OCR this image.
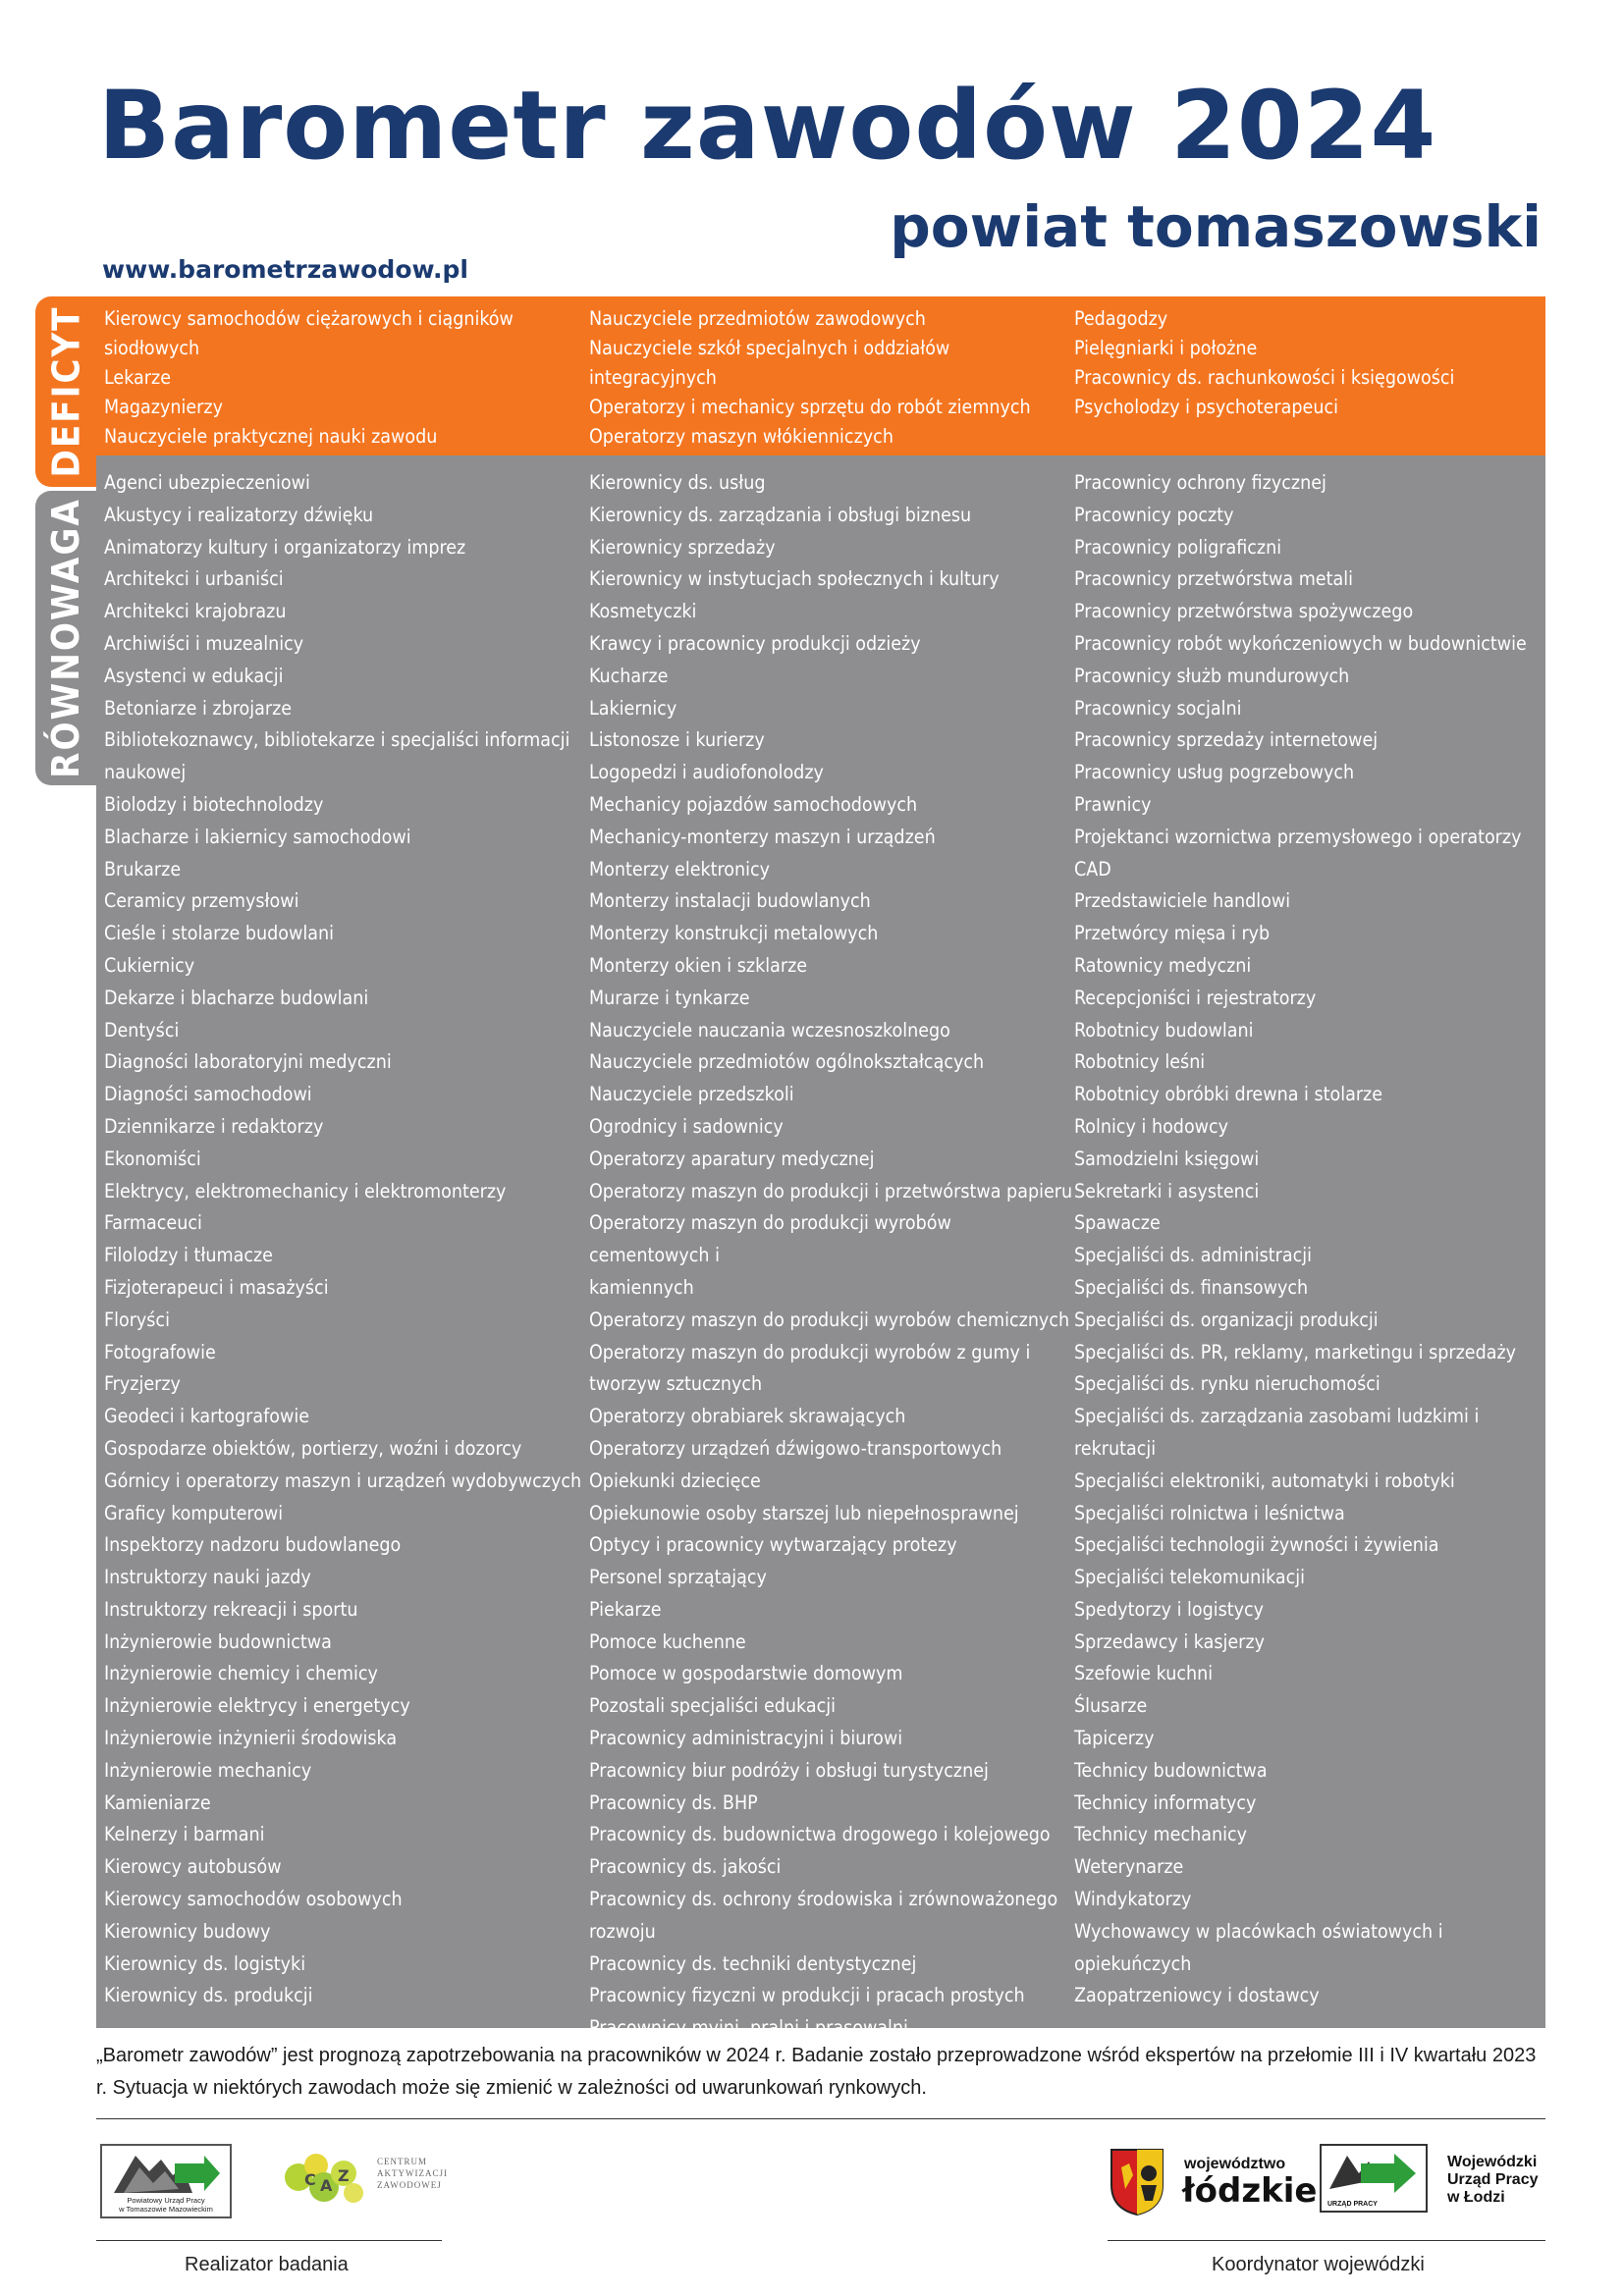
Barometr zawodów 2024
powiat tomaszowski
www.barometrzawodow.pl
DEFICYT
RÓWNOWAGA
Kierowcy samochodów ciężarowych i ciągników
siodłowych
Lekarze
Magazynierzy
Nauczyciele praktycznej nauki zawodu
Nauczyciele przedmiotów zawodowych
Nauczyciele szkół specjalnych i oddziałów
integracyjnych
Operatorzy i mechanicy sprzętu do robót ziemnych
Operatorzy maszyn włókienniczych
Pedagodzy
Pielęgniarki i położne
Pracownicy ds. rachunkowości i księgowości
Psycholodzy i psychoterapeuci
Agenci ubezpieczeniowi
Akustycy i realizatorzy dźwięku
Animatorzy kultury i organizatorzy imprez
Architekci i urbaniści
Architekci krajobrazu
Archiwiści i muzealnicy
Asystenci w edukacji
Betoniarze i zbrojarze
Bibliotekoznawcy, bibliotekarze i specjaliści informacji
naukowej
Biolodzy i biotechnolodzy
Blacharze i lakiernicy samochodowi
Brukarze
Ceramicy przemysłowi
Cieśle i stolarze budowlani
Cukiernicy
Dekarze i blacharze budowlani
Dentyści
Diagności laboratoryjni medyczni
Diagności samochodowi
Dziennikarze i redaktorzy
Ekonomiści
Elektrycy, elektromechanicy i elektromonterzy
Farmaceuci
Filolodzy i tłumacze
Fizjoterapeuci i masażyści
Floryści
Fotografowie
Fryzjerzy
Geodeci i kartografowie
Gospodarze obiektów, portierzy, woźni i dozorcy
Górnicy i operatorzy maszyn i urządzeń wydobywczych
Graficy komputerowi
Inspektorzy nadzoru budowlanego
Instruktorzy nauki jazdy
Instruktorzy rekreacji i sportu
Inżynierowie budownictwa
Inżynierowie chemicy i chemicy
Inżynierowie elektrycy i energetycy
Inżynierowie inżynierii środowiska
Inżynierowie mechanicy
Kamieniarze
Kelnerzy i barmani
Kierowcy autobusów
Kierowcy samochodów osobowych
Kierownicy budowy
Kierownicy ds. logistyki
Kierownicy ds. produkcji
Kierownicy ds. usług
Kierownicy ds. zarządzania i obsługi biznesu
Kierownicy sprzedaży
Kierownicy w instytucjach społecznych i kultury
Kosmetyczki
Krawcy i pracownicy produkcji odzieży
Kucharze
Lakiernicy
Listonosze i kurierzy
Logopedzi i audiofonolodzy
Mechanicy pojazdów samochodowych
Mechanicy-monterzy maszyn i urządzeń
Monterzy elektronicy
Monterzy instalacji budowlanych
Monterzy konstrukcji metalowych
Monterzy okien i szklarze
Murarze i tynkarze
Nauczyciele nauczania wczesnoszkolnego
Nauczyciele przedmiotów ogólnokształcących
Nauczyciele przedszkoli
Ogrodnicy i sadownicy
Operatorzy aparatury medycznej
Operatorzy maszyn do produkcji i przetwórstwa papieru
Operatorzy maszyn do produkcji wyrobów cementowych i
kamiennych
Operatorzy maszyn do produkcji wyrobów chemicznych
Operatorzy maszyn do produkcji wyrobów z gumy i
tworzyw sztucznych
Operatorzy obrabiarek skrawających
Operatorzy urządzeń dźwigowo-transportowych
Opiekunki dziecięce
Opiekunowie osoby starszej lub niepełnosprawnej
Optycy i pracownicy wytwarzający protezy
Personel sprzątający
Piekarze
Pomoce kuchenne
Pomoce w gospodarstwie domowym
Pozostali specjaliści edukacji
Pracownicy administracyjni i biurowi
Pracownicy biur podróży i obsługi turystycznej
Pracownicy ds. BHP
Pracownicy ds. budownictwa drogowego i kolejowego
Pracownicy ds. jakości
Pracownicy ds. ochrony środowiska i zrównoważonego
rozwoju
Pracownicy ds. techniki dentystycznej
Pracownicy fizyczni w produkcji i pracach prostych
Pracownicy myjni, pralni i prasowalni
Pracownicy ochrony fizycznej
Pracownicy poczty
Pracownicy poligraficzni
Pracownicy przetwórstwa metali
Pracownicy przetwórstwa spożywczego
Pracownicy robót wykończeniowych w budownictwie
Pracownicy służb mundurowych
Pracownicy socjalni
Pracownicy sprzedaży internetowej
Pracownicy usług pogrzebowych
Prawnicy
Projektanci wzornictwa przemysłowego i operatorzy CAD
Przedstawiciele handlowi
Przetwórcy mięsa i ryb
Ratownicy medyczni
Recepcjoniści i rejestratorzy
Robotnicy budowlani
Robotnicy leśni
Robotnicy obróbki drewna i stolarze
Rolnicy i hodowcy
Samodzielni księgowi
Sekretarki i asystenci
Spawacze
Specjaliści ds. administracji
Specjaliści ds. finansowych
Specjaliści ds. organizacji produkcji
Specjaliści ds. PR, reklamy, marketingu i sprzedaży
Specjaliści ds. rynku nieruchomości
Specjaliści ds. zarządzania zasobami ludzkimi i
rekrutacji
Specjaliści elektroniki, automatyki i robotyki
Specjaliści rolnictwa i leśnictwa
Specjaliści technologii żywności i żywienia
Specjaliści telekomunikacji
Spedytorzy i logistycy
Sprzedawcy i kasjerzy
Szefowie kuchni
Ślusarze
Tapicerzy
Technicy budownictwa
Technicy informatycy
Technicy mechanicy
Weterynarze
Windykatorzy
Wychowawcy w placówkach oświatowych i opiekuńczych
Zaopatrzeniowcy i dostawcy

„Barometr zawodów” jest prognozą zapotrzebowania na pracowników w 2024 r. Badanie zostało przeprowadzone wśród ekspertów na przełomie III i IV kwartału 2023 r. Sytuacja w niektórych zawodach może się zmienić w zależności od uwarunkowań rynkowych.

Powiatowy Urząd Pracy
w Tomaszowie Mazowieckim
C A
Z
CENTRUM
AKTYWIZACJI
ZAWODOWEJ
województwo
łódzkie URZĄD PRACY
Wojewódzki
Urząd Pracy
w Łodzi
Realizator badania	Koordynator wojewódzki
